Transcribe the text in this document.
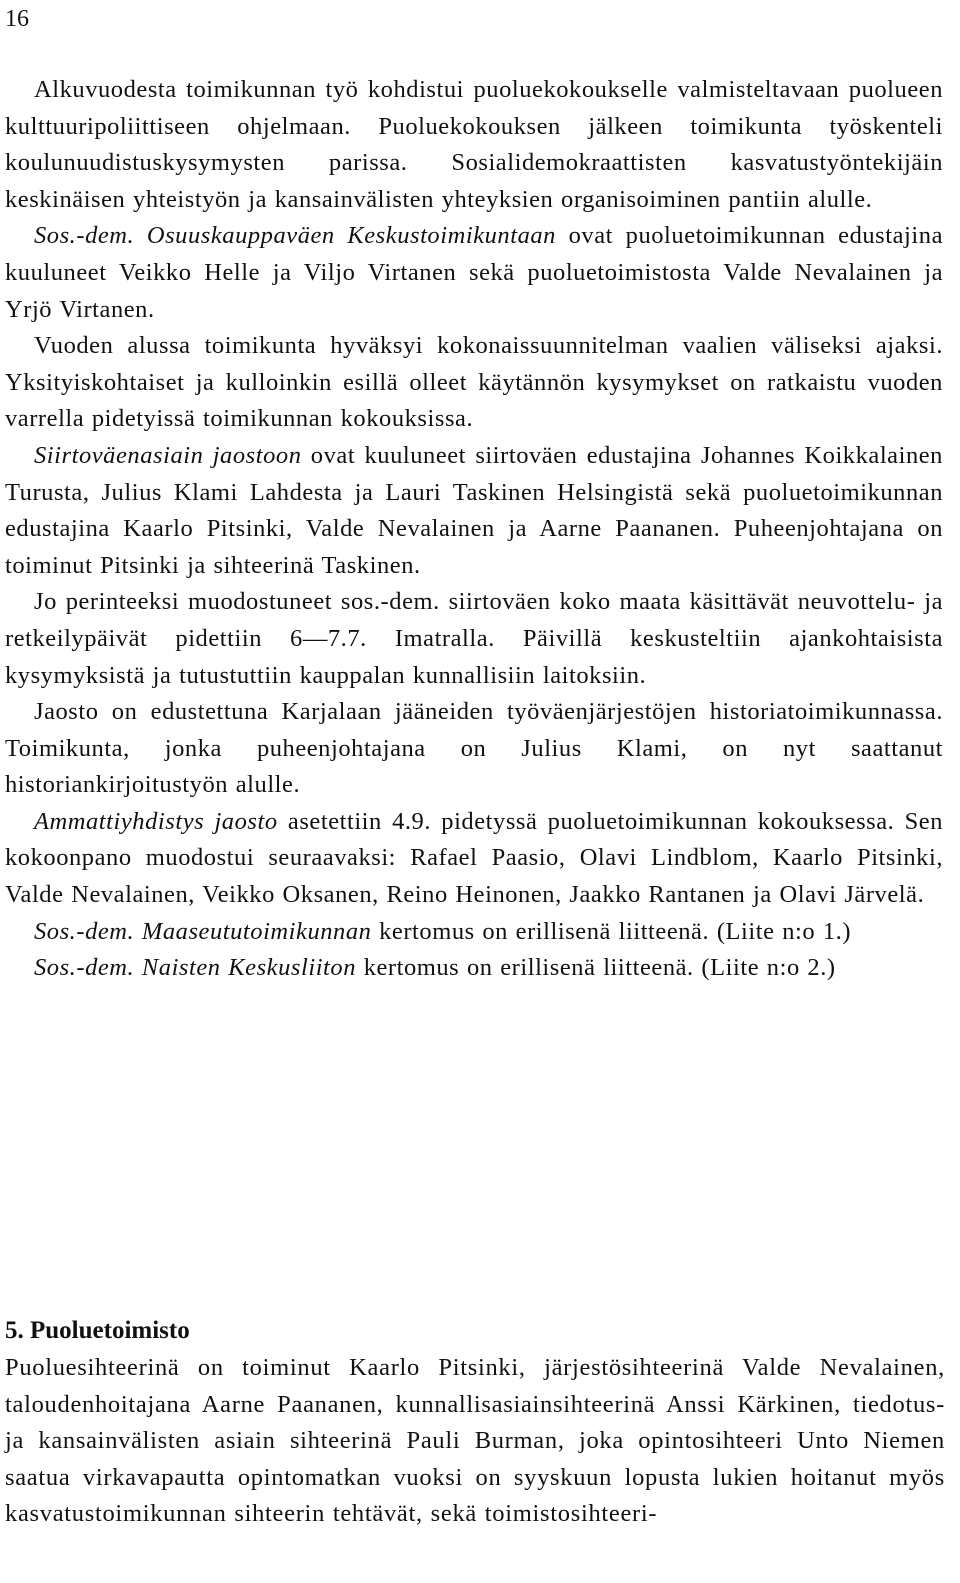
16

Alkuvuodesta toimikunnan työ kohdistui puoluekokoukselle valmisteltavaan puolueen kulttuuripoliittiseen ohjelmaan. Puoluekokouksen jälkeen toimikunta työskenteli koulunuudistuskysymysten parissa. Sosialidemokraattisten kasvatustyöntekijäin keskinäisen yhteistyön ja kansainvälisten yhteyksien organisoiminen pantiin alulle.

Sos.-dem. Osuuskauppaväen Keskustoimikuntaan ovat puoluetoimikunnan edustajina kuuluneet Veikko Helle ja Viljo Virtanen sekä puoluetoimistosta Valde Nevalainen ja Yrjö Virtanen.

Vuoden alussa toimikunta hyväksyi kokonaissuunnitelman vaalien väliseksi ajaksi. Yksityiskohtaiset ja kulloinkin esillä olleet käytännön kysymykset on ratkaistu vuoden varrella pidetyissä toimikunnan kokouksissa.

Siirtoväenasiain jaostoon ovat kuuluneet siirtoväen edustajina Johannes Koikkalainen Turusta, Julius Klami Lahdesta ja Lauri Taskinen Helsingistä sekä puoluetoimikunnan edustajina Kaarlo Pitsinki, Valde Nevalainen ja Aarne Paananen. Puheenjohtajana on toiminut Pitsinki ja sihteerinä Taskinen.

Jo perinteeksi muodostuneet sos.-dem. siirtoväen koko maata käsittävät neuvottelu- ja retkeilypäivät pidettiin 6—7.7. Imatralla. Päivillä keskusteltiin ajankohtaisista kysymyksistä ja tutustuttiin kauppalan kunnallisiin laitoksiin.

Jaosto on edustettuna Karjalaan jääneiden työväenjärjestöjen historiatoimikunnassa. Toimikunta, jonka puheenjohtajana on Julius Klami, on nyt saattanut historiankirjoitustyön alulle.

Ammattiyhdistys jaosto asetettiin 4.9. pidetyssä puoluetoimikunnan kokouksessa. Sen kokoonpano muodostui seuraavaksi: Rafael Paasio, Olavi Lindblom, Kaarlo Pitsinki, Valde Nevalainen, Veikko Oksanen, Reino Heinonen, Jaakko Rantanen ja Olavi Järvelä.

Sos.-dem. Maaseututoimikunnan kertomus on erillisenä liitteenä. (Liite n:o 1.)

Sos.-dem. Naisten Keskusliiton kertomus on erillisenä liitteenä. (Liite n:o 2.)

5. Puoluetoimisto

Puoluesihteerinä on toiminut Kaarlo Pitsinki, järjestösihteerinä Valde Nevalainen, taloudenhoitajana Aarne Paananen, kunnallisasiainsihteerinä Anssi Kärkinen, tiedotus- ja kansainvälisten asiain sihteerinä Pauli Burman, joka opintosihteeri Unto Niemen saatua virkavapautta opintomatkan vuoksi on syyskuun lopusta lukien hoitanut myös kasvatustoimikunnan sihteerin tehtävät, sekä toimistosihteeri-
